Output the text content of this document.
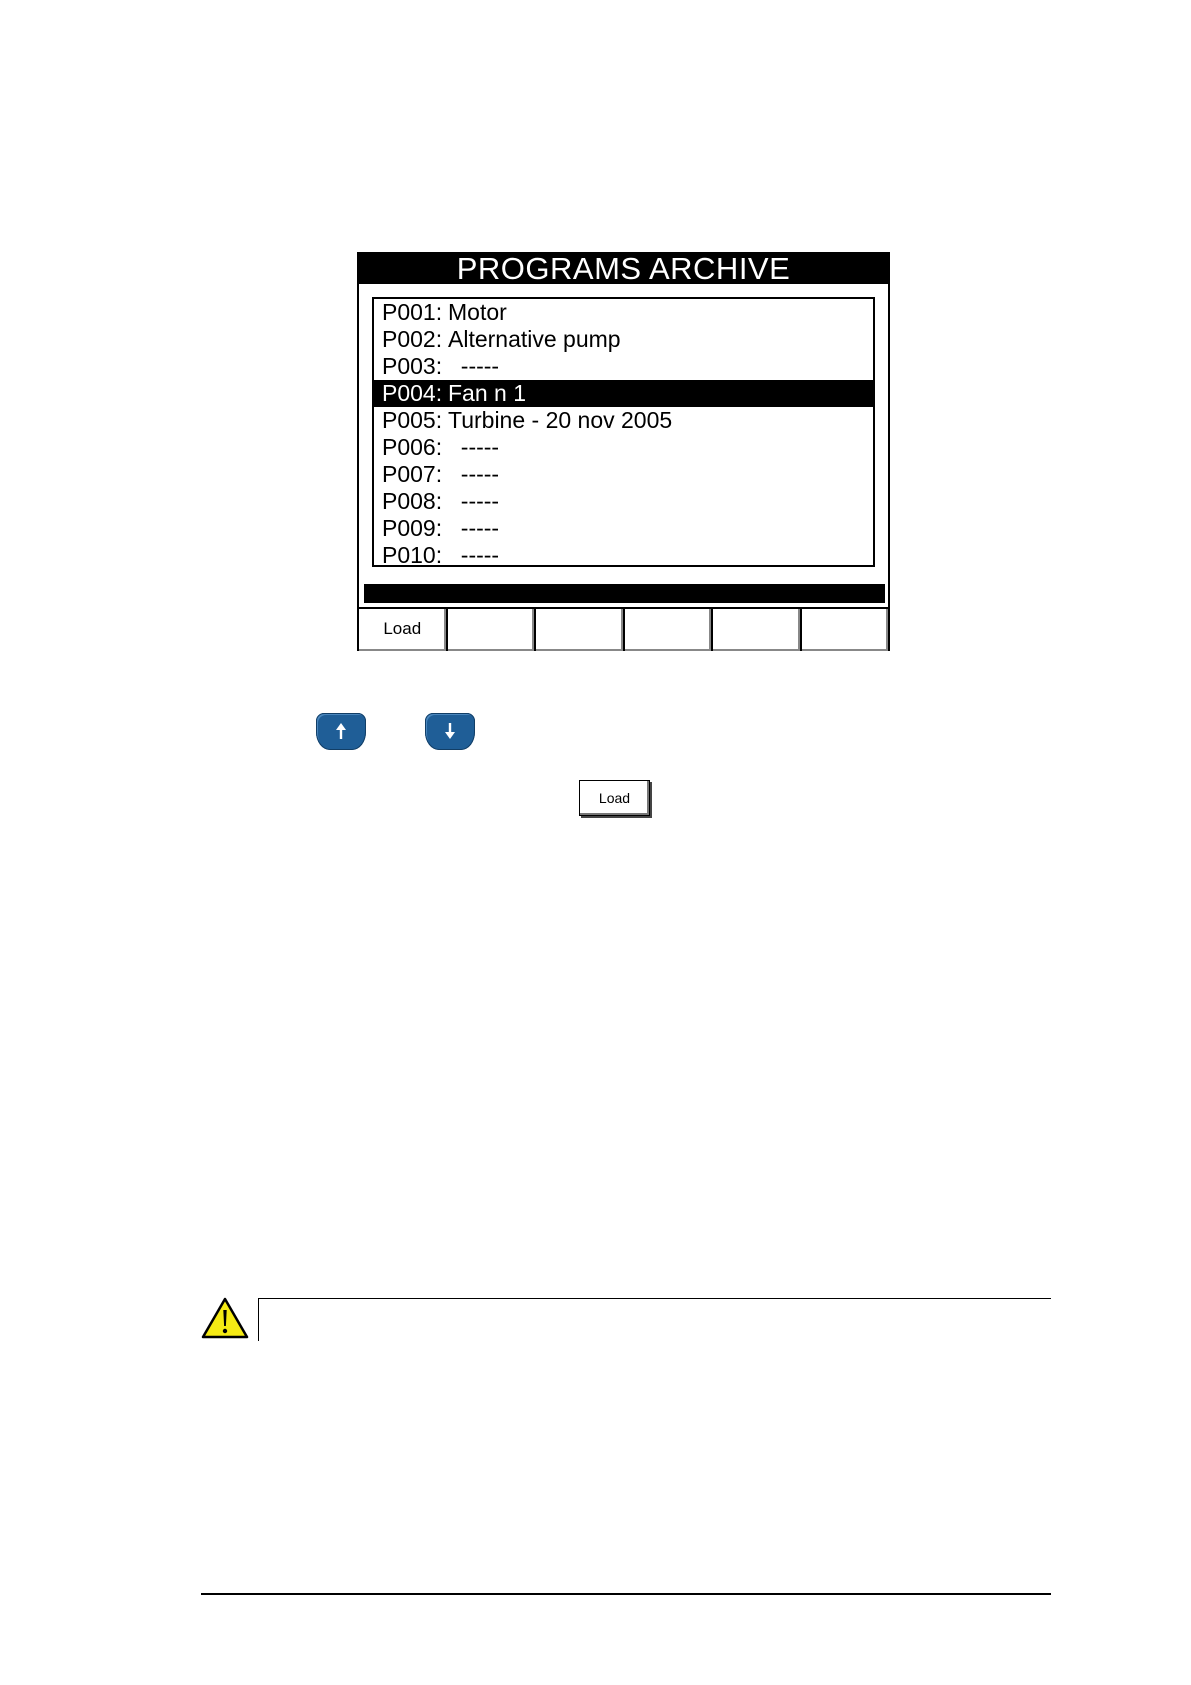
PROGRAMS ARCHIVE
P001: Motor
P002: Alternative pump
P003:  -----
P004: Fan n 1
P005: Turbine - 20 nov 2005
P006:  -----
P007:  -----
P008:  -----
P009:  -----
P010:  -----
Load
Load
